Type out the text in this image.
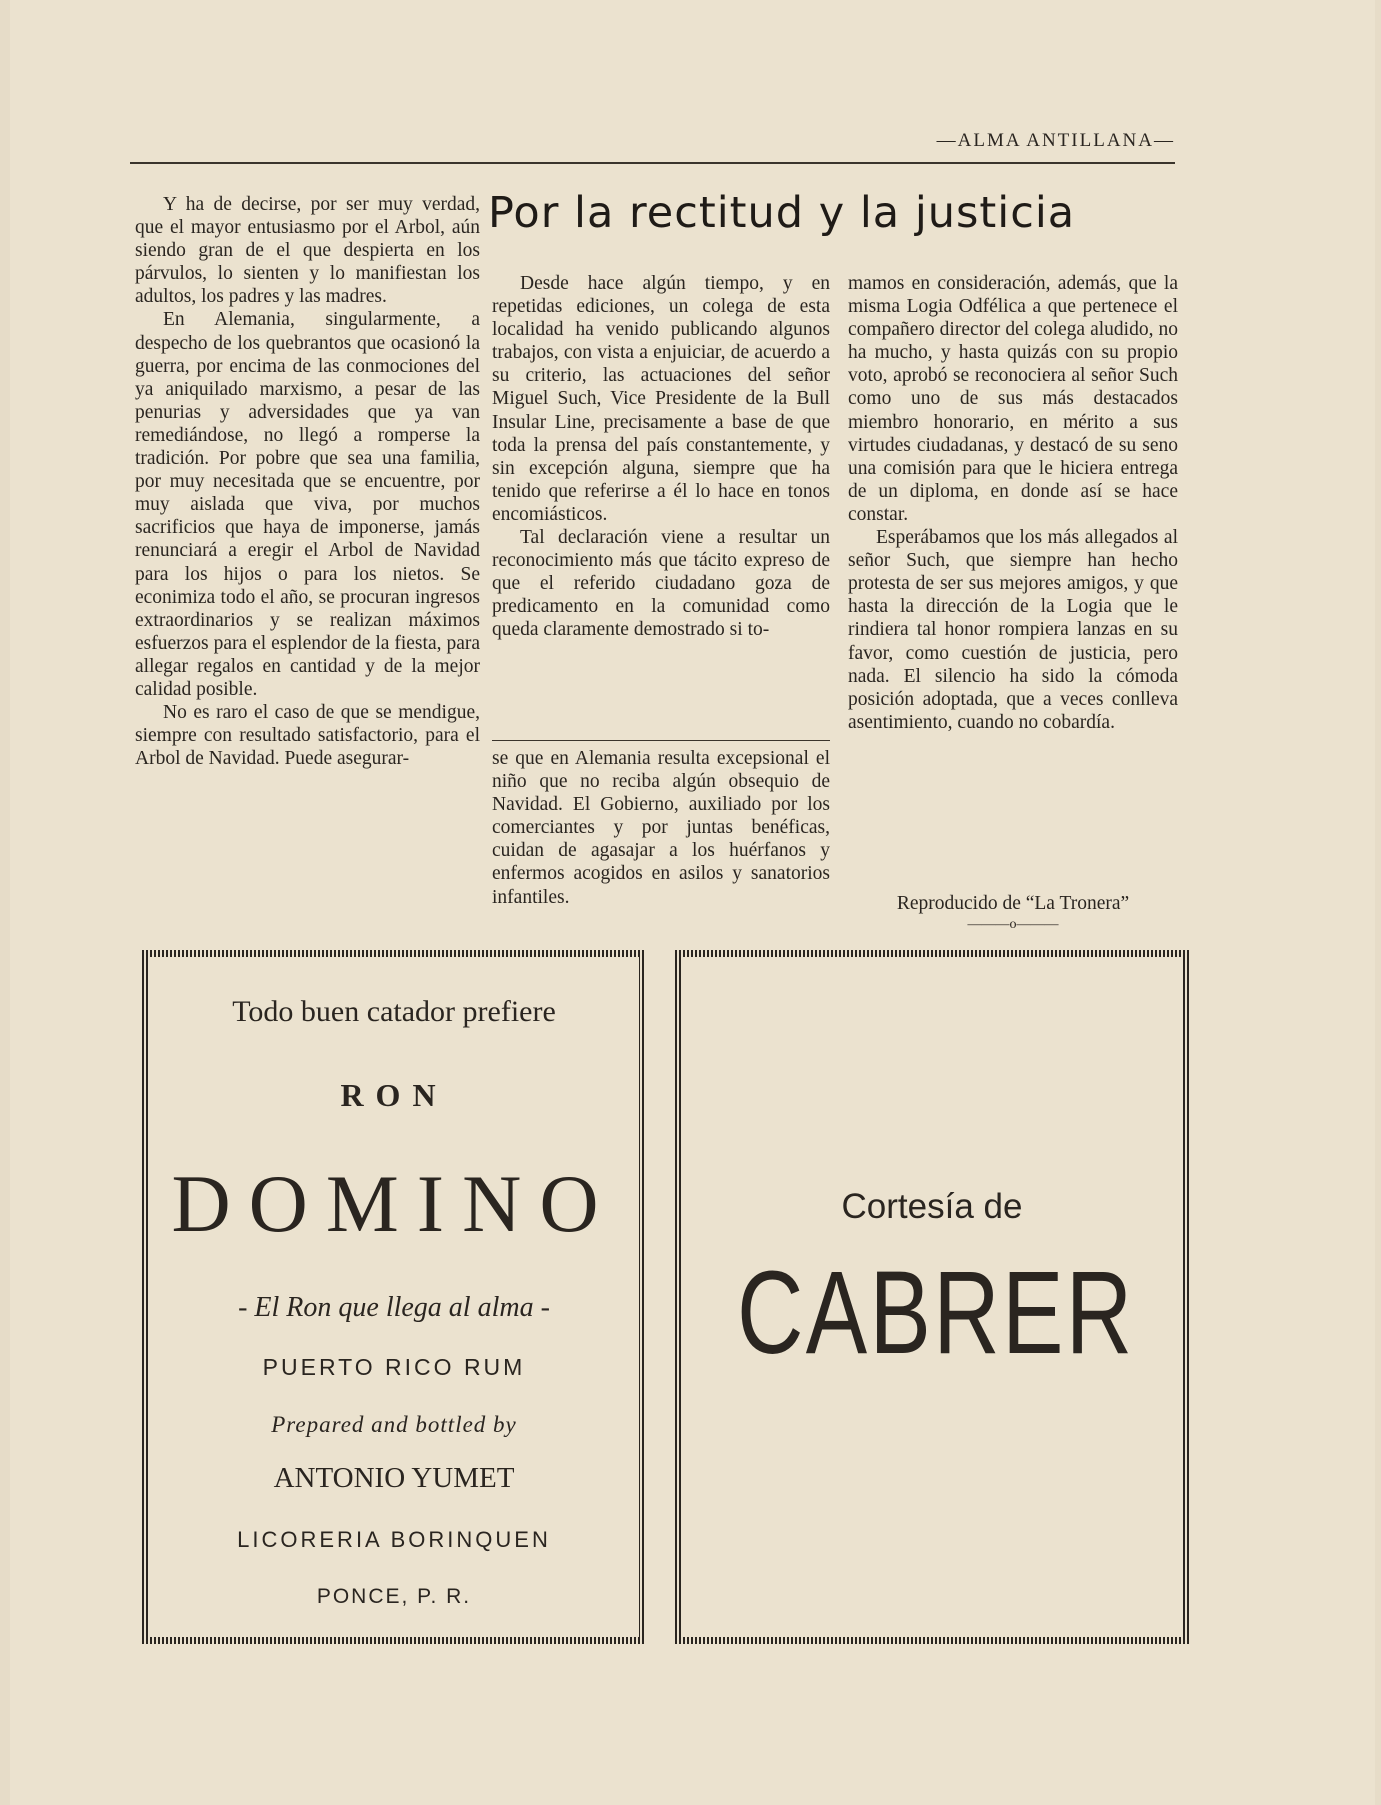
—ALMA ANTILLANA—

Y ha de decirse, por ser muy verdad, que el mayor entusiasmo por el Arbol, aún siendo gran de el que despierta en los párvulos, lo sienten y lo manifiestan los adultos, los padres y las madres.

En Alemania, singularmente, a despecho de los quebrantos que ocasionó la guerra, por encima de las conmociones del ya aniquilado marxismo, a pesar de las penurias y adversidades que ya van remediándose, no llegó a romperse la tradición. Por pobre que sea una familia, por muy necesitada que se encuentre, por muy aislada que viva, por muchos sacrificios que haya de imponerse, jamás renunciará a eregir el Arbol de Navidad para los hijos o para los nietos. Se econimiza todo el año, se procuran ingresos extraordinarios y se realizan máximos esfuerzos para el esplendor de la fiesta, para allegar regalos en cantidad y de la mejor calidad posible.

No es raro el caso de que se mendigue, siempre con resultado satisfactorio, para el Arbol de Navidad. Puede asegurar-

Por la rectitud y la justicia

Desde hace algún tiempo, y en repetidas ediciones, un colega de esta localidad ha venido publicando algunos trabajos, con vista a enjuiciar, de acuerdo a su criterio, las actuaciones del señor Miguel Such, Vice Presidente de la Bull Insular Line, precisamente a base de que toda la prensa del país constantemente, y sin excepción alguna, siempre que ha tenido que referirse a él lo hace en tonos encomiásticos.

Tal declaración viene a resultar un reconocimiento más que tácito expreso de que el referido ciudadano goza de predicamento en la comunidad como queda claramente demostrado si to-

se que en Alemania resulta excepsional el niño que no reciba algún obsequio de Navidad. El Gobierno, auxiliado por los comerciantes y por juntas benéficas, cuidan de agasajar a los huérfanos y enfermos acogidos en asilos y sanatorios infantiles.

mamos en consideración, además, que la misma Logia Odfélica a que pertenece el compañero director del colega aludido, no ha mucho, y hasta quizás con su propio voto, aprobó se reconociera al señor Such como uno de sus más destacados miembro honorario, en mérito a sus virtudes ciudadanas, y destacó de su seno una comisión para que le hiciera entrega de un diploma, en donde así se hace constar.

Esperábamos que los más allegados al señor Such, que siempre han hecho protesta de ser sus mejores amigos, y que hasta la dirección de la Logia que le rindiera tal honor rompiera lanzas en su favor, como cuestión de justicia, pero nada. El silencio ha sido la cómoda posición adoptada, que a veces conlleva asentimiento, cuando no cobardía.

Reproducido de “La Tronera”
———o———
Todo buen catador prefiere
RON
DOMINO
- El Ron que llega al alma -
PUERTO RICO RUM
Prepared and bottled by
ANTONIO YUMET
LICORERIA BORINQUEN
PONCE, P. R.
Cortesía de
CABRER
